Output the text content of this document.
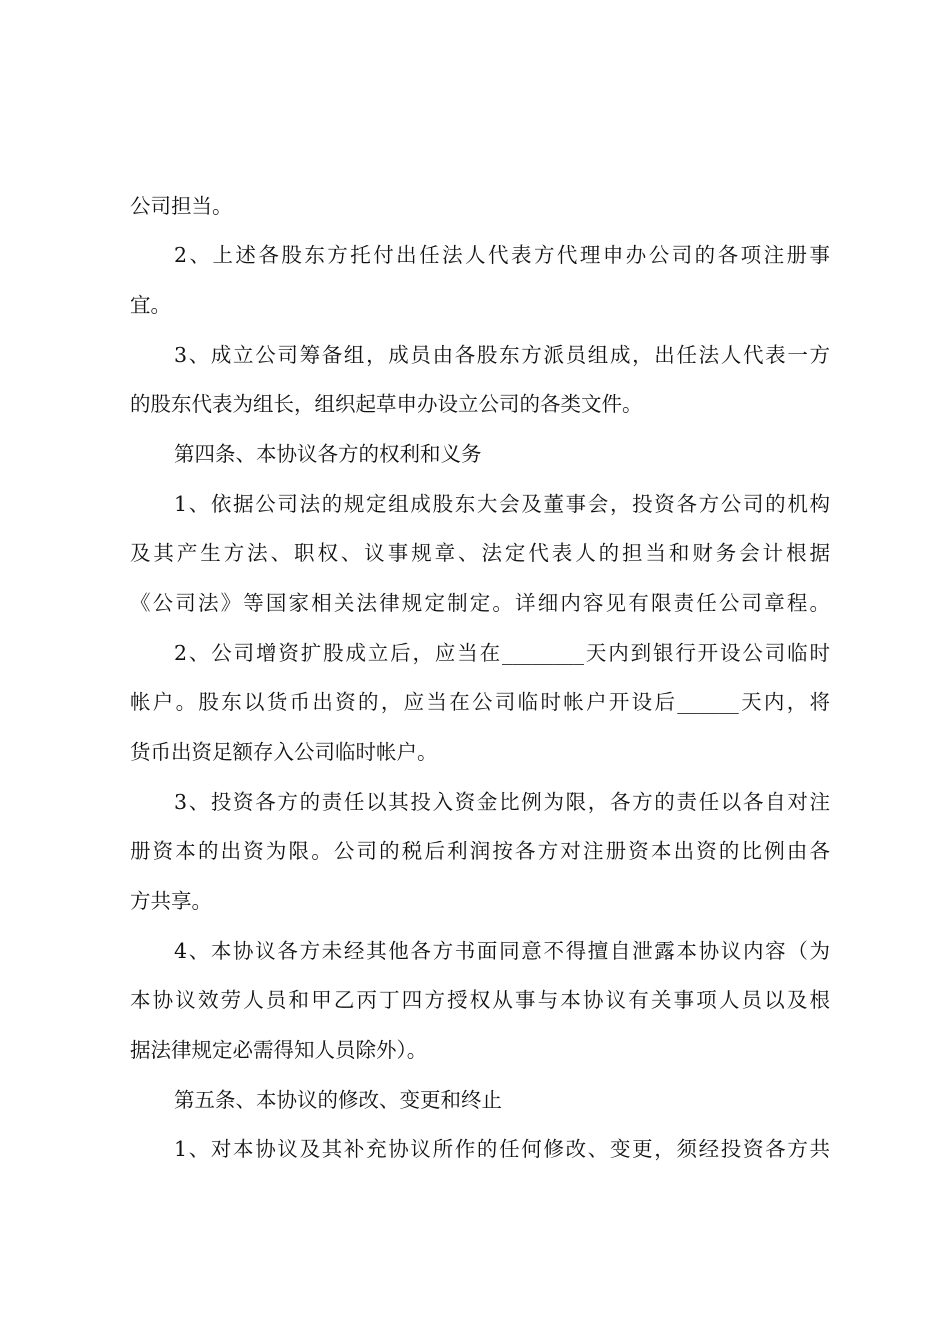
公司担当。
2、上述各股东方托付出任法人代表方代理申办公司的各项注册事
宜。
3、成立公司筹备组，成员由各股东方派员组成，出任法人代表一方
的股东代表为组长，组织起草申办设立公司的各类文件。
第四条、本协议各方的权利和义务
1、依据公司法的规定组成股东大会及董事会，投资各方公司的机构
及其产生方法、职权、议事规章、法定代表人的担当和财务会计根据
《公司法》等国家相关法律规定制定。详细内容见有限责任公司章程。
2、公司增资扩股成立后，应当在________天内到银行开设公司临时
帐户。股东以货币出资的，应当在公司临时帐户开设后______天内，将
货币出资足额存入公司临时帐户。
3、投资各方的责任以其投入资金比例为限，各方的责任以各自对注
册资本的出资为限。公司的税后利润按各方对注册资本出资的比例由各
方共享。
4、本协议各方未经其他各方书面同意不得擅自泄露本协议内容（为
本协议效劳人员和甲乙丙丁四方授权从事与本协议有关事项人员以及根
据法律规定必需得知人员除外）。
第五条、本协议的修改、变更和终止
1、对本协议及其补充协议所作的任何修改、变更，须经投资各方共
